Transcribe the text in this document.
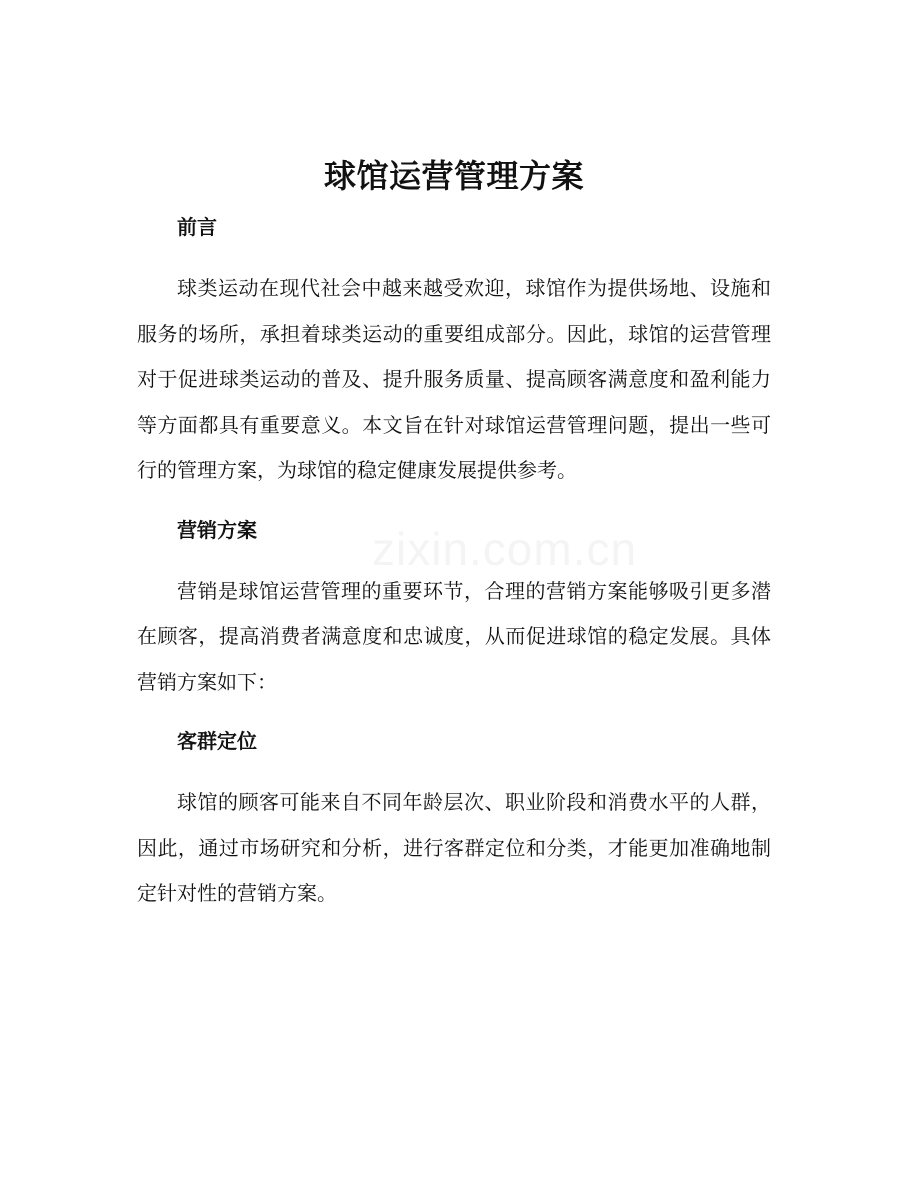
zixin.com.cn
球馆运营管理方案
前言

球类运动在现代社会中越来越受欢迎，球馆作为提供场地、设施和服务的场所，承担着球类运动的重要组成部分。因此，球馆的运营管理对于促进球类运动的普及、提升服务质量、提高顾客满意度和盈利能力等方面都具有重要意义。本文旨在针对球馆运营管理问题，提出一些可行的管理方案，为球馆的稳定健康发展提供参考。

营销方案

营销是球馆运营管理的重要环节，合理的营销方案能够吸引更多潜在顾客，提高消费者满意度和忠诚度，从而促进球馆的稳定发展。具体营销方案如下：

客群定位

球馆的顾客可能来自不同年龄层次、职业阶段和消费水平的人群，因此，通过市场研究和分析，进行客群定位和分类，才能更加准确地制定针对性的营销方案。
